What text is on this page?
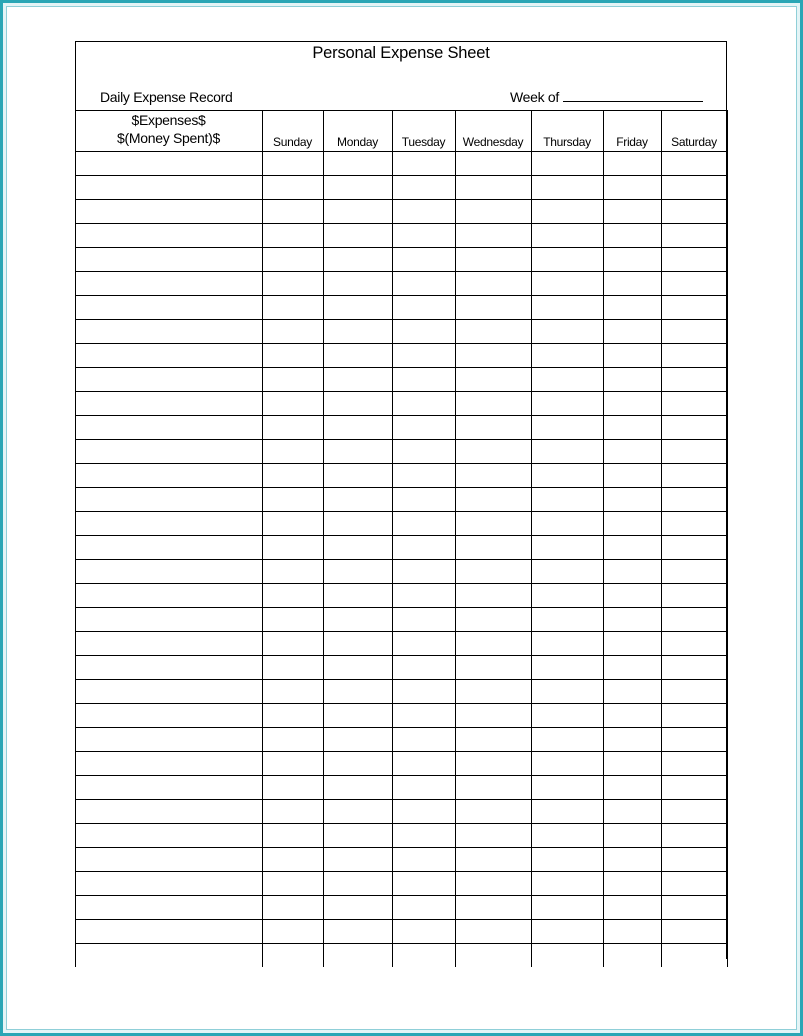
Personal Expense Sheet
Daily Expense Record	Week of
$Expenses$
$(Money Spent)$	Sunday	Monday	Tuesday	Wednesday	Thursday	Friday	Saturday
